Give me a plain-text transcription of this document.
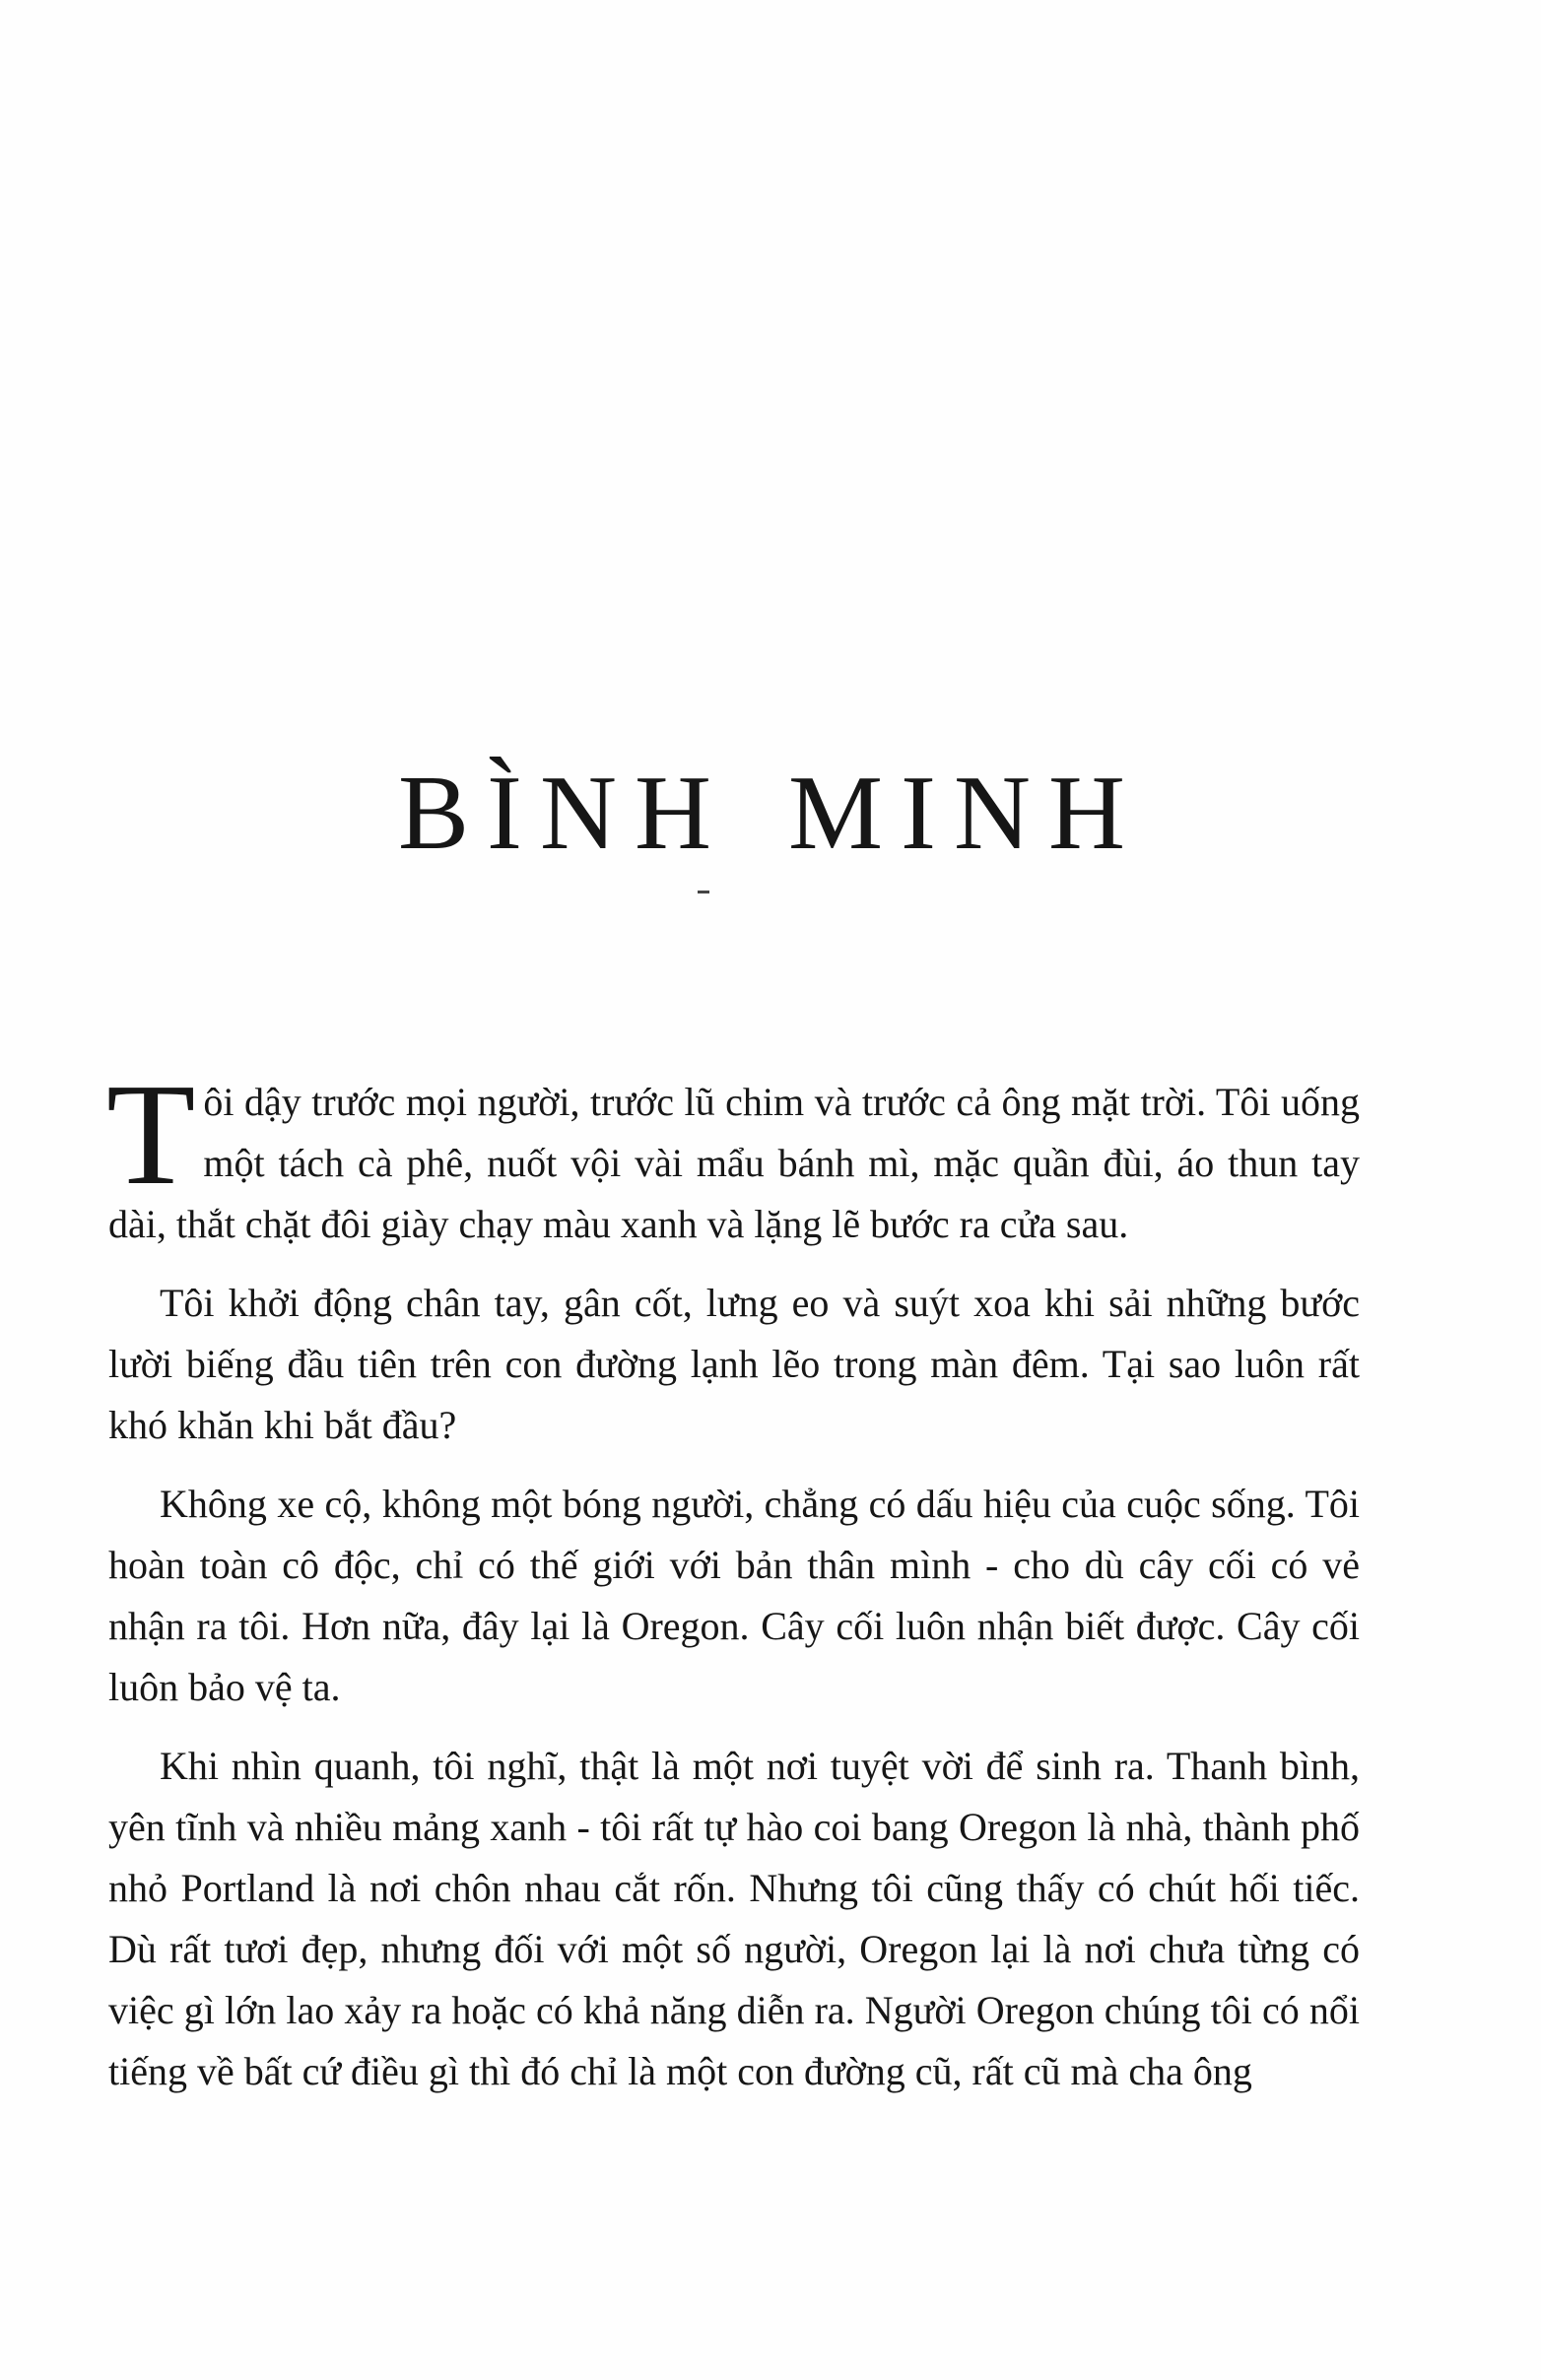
BÌNH MINH

Tôi dậy trước mọi người, trước lũ chim và trước cả ông mặt trời. Tôi uống một tách cà phê, nuốt vội vài mẩu bánh mì, mặc quần đùi, áo thun tay dài, thắt chặt đôi giày chạy màu xanh và lặng lẽ bước ra cửa sau.

Tôi khởi động chân tay, gân cốt, lưng eo và suýt xoa khi sải những bước lười biếng đầu tiên trên con đường lạnh lẽo trong màn đêm. Tại sao luôn rất khó khăn khi bắt đầu?

Không xe cộ, không một bóng người, chẳng có dấu hiệu của cuộc sống. Tôi hoàn toàn cô độc, chỉ có thế giới với bản thân mình - cho dù cây cối có vẻ nhận ra tôi. Hơn nữa, đây lại là Oregon. Cây cối luôn nhận biết được. Cây cối luôn bảo vệ ta.

Khi nhìn quanh, tôi nghĩ, thật là một nơi tuyệt vời để sinh ra. Thanh bình, yên tĩnh và nhiều mảng xanh - tôi rất tự hào coi bang Oregon là nhà, thành phố nhỏ Portland là nơi chôn nhau cắt rốn. Nhưng tôi cũng thấy có chút hối tiếc. Dù rất tươi đẹp, nhưng đối với một số người, Oregon lại là nơi chưa từng có việc gì lớn lao xảy ra hoặc có khả năng diễn ra. Người Oregon chúng tôi có nổi tiếng về bất cứ điều gì thì đó chỉ là một con đường cũ, rất cũ mà cha ông
